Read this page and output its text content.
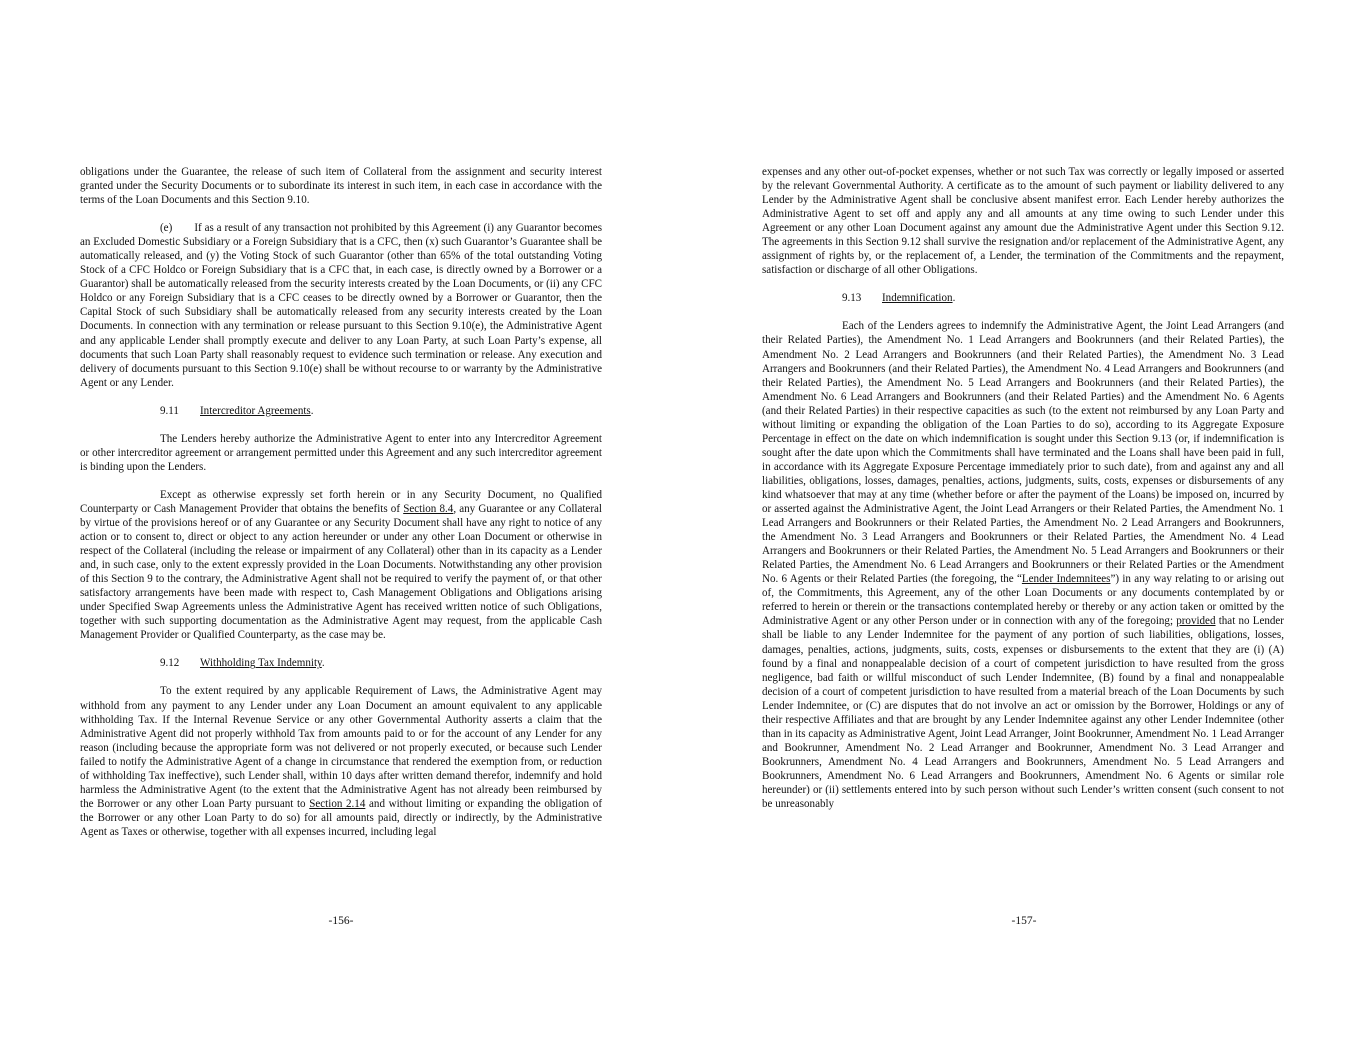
obligations under the Guarantee, the release of such item of Collateral from the assignment and security interest granted under the Security Documents or to subordinate its interest in such item, in each case in accordance with the terms of the Loan Documents and this Section 9.10.

(e)  If as a result of any transaction not prohibited by this Agreement (i) any Guarantor becomes an Excluded Domestic Subsidiary or a Foreign Subsidiary that is a CFC, then (x) such Guarantor’s Guarantee shall be automatically released, and (y) the Voting Stock of such Guarantor (other than 65% of the total outstanding Voting Stock of a CFC Holdco or Foreign Subsidiary that is a CFC that, in each case, is directly owned by a Borrower or a Guarantor) shall be automatically released from the security interests created by the Loan Documents, or (ii) any CFC Holdco or any Foreign Subsidiary that is a CFC ceases to be directly owned by a Borrower or Guarantor, then the Capital Stock of such Subsidiary shall be automatically released from any security interests created by the Loan Documents. In connection with any termination or release pursuant to this Section 9.10(e), the Administrative Agent and any applicable Lender shall promptly execute and deliver to any Loan Party, at such Loan Party’s expense, all documents that such Loan Party shall reasonably request to evidence such termination or release. Any execution and delivery of documents pursuant to this Section 9.10(e) shall be without recourse to or warranty by the Administrative Agent or any Lender.

9.11 Intercreditor Agreements.

The Lenders hereby authorize the Administrative Agent to enter into any Intercreditor Agreement or other intercreditor agreement or arrangement permitted under this Agreement and any such intercreditor agreement is binding upon the Lenders.

Except as otherwise expressly set forth herein or in any Security Document, no Qualified Counterparty or Cash Management Provider that obtains the benefits of Section 8.4, any Guarantee or any Collateral by virtue of the provisions hereof or of any Guarantee or any Security Document shall have any right to notice of any action or to consent to, direct or object to any action hereunder or under any other Loan Document or otherwise in respect of the Collateral (including the release or impairment of any Collateral) other than in its capacity as a Lender and, in such case, only to the extent expressly provided in the Loan Documents. Notwithstanding any other provision of this Section 9 to the contrary, the Administrative Agent shall not be required to verify the payment of, or that other satisfactory arrangements have been made with respect to, Cash Management Obligations and Obligations arising under Specified Swap Agreements unless the Administrative Agent has received written notice of such Obligations, together with such supporting documentation as the Administrative Agent may request, from the applicable Cash Management Provider or Qualified Counterparty, as the case may be.

9.12 Withholding Tax Indemnity.

To the extent required by any applicable Requirement of Laws, the Administrative Agent may withhold from any payment to any Lender under any Loan Document an amount equivalent to any applicable withholding Tax. If the Internal Revenue Service or any other Governmental Authority asserts a claim that the Administrative Agent did not properly withhold Tax from amounts paid to or for the account of any Lender for any reason (including because the appropriate form was not delivered or not properly executed, or because such Lender failed to notify the Administrative Agent of a change in circumstance that rendered the exemption from, or reduction of withholding Tax ineffective), such Lender shall, within 10 days after written demand therefor, indemnify and hold harmless the Administrative Agent (to the extent that the Administrative Agent has not already been reimbursed by the Borrower or any other Loan Party pursuant to Section 2.14 and without limiting or expanding the obligation of the Borrower or any other Loan Party to do so) for all amounts paid, directly or indirectly, by the Administrative Agent as Taxes or otherwise, together with all expenses incurred, including legal

-156-

expenses and any other out-of-pocket expenses, whether or not such Tax was correctly or legally imposed or asserted by the relevant Governmental Authority. A certificate as to the amount of such payment or liability delivered to any Lender by the Administrative Agent shall be conclusive absent manifest error. Each Lender hereby authorizes the Administrative Agent to set off and apply any and all amounts at any time owing to such Lender under this Agreement or any other Loan Document against any amount due the Administrative Agent under this Section 9.12. The agreements in this Section 9.12 shall survive the resignation and/or replacement of the Administrative Agent, any assignment of rights by, or the replacement of, a Lender, the termination of the Commitments and the repayment, satisfaction or discharge of all other Obligations.

9.13 Indemnification.

Each of the Lenders agrees to indemnify the Administrative Agent, the Joint Lead Arrangers (and their Related Parties), the Amendment No. 1 Lead Arrangers and Bookrunners (and their Related Parties), the Amendment No. 2 Lead Arrangers and Bookrunners (and their Related Parties), the Amendment No. 3 Lead Arrangers and Bookrunners (and their Related Parties), the Amendment No. 4 Lead Arrangers and Bookrunners (and their Related Parties), the Amendment No. 5 Lead Arrangers and Bookrunners (and their Related Parties), the Amendment No. 6 Lead Arrangers and Bookrunners (and their Related Parties) and the Amendment No. 6 Agents (and their Related Parties) in their respective capacities as such (to the extent not reimbursed by any Loan Party and without limiting or expanding the obligation of the Loan Parties to do so), according to its Aggregate Exposure Percentage in effect on the date on which indemnification is sought under this Section 9.13 (or, if indemnification is sought after the date upon which the Commitments shall have terminated and the Loans shall have been paid in full, in accordance with its Aggregate Exposure Percentage immediately prior to such date), from and against any and all liabilities, obligations, losses, damages, penalties, actions, judgments, suits, costs, expenses or disbursements of any kind whatsoever that may at any time (whether before or after the payment of the Loans) be imposed on, incurred by or asserted against the Administrative Agent, the Joint Lead Arrangers or their Related Parties, the Amendment No. 1 Lead Arrangers and Bookrunners or their Related Parties, the Amendment No. 2 Lead Arrangers and Bookrunners, the Amendment No. 3 Lead Arrangers and Bookrunners or their Related Parties, the Amendment No. 4 Lead Arrangers and Bookrunners or their Related Parties, the Amendment No. 5 Lead Arrangers and Bookrunners or their Related Parties, the Amendment No. 6 Lead Arrangers and Bookrunners or their Related Parties or the Amendment No. 6 Agents or their Related Parties (the foregoing, the “Lender Indemnitees”) in any way relating to or arising out of, the Commitments, this Agreement, any of the other Loan Documents or any documents contemplated by or referred to herein or therein or the transactions contemplated hereby or thereby or any action taken or omitted by the Administrative Agent or any other Person under or in connection with any of the foregoing; provided that no Lender shall be liable to any Lender Indemnitee for the payment of any portion of such liabilities, obligations, losses, damages, penalties, actions, judgments, suits, costs, expenses or disbursements to the extent that they are (i) (A) found by a final and nonappealable decision of a court of competent jurisdiction to have resulted from the gross negligence, bad faith or willful misconduct of such Lender Indemnitee, (B) found by a final and nonappealable decision of a court of competent jurisdiction to have resulted from a material breach of the Loan Documents by such Lender Indemnitee, or (C) are disputes that do not involve an act or omission by the Borrower, Holdings or any of their respective Affiliates and that are brought by any Lender Indemnitee against any other Lender Indemnitee (other than in its capacity as Administrative Agent, Joint Lead Arranger, Joint Bookrunner, Amendment No. 1 Lead Arranger and Bookrunner, Amendment No. 2 Lead Arranger and Bookrunner, Amendment No. 3 Lead Arranger and Bookrunners, Amendment No. 4 Lead Arrangers and Bookrunners, Amendment No. 5 Lead Arrangers and Bookrunners, Amendment No. 6 Lead Arrangers and Bookrunners, Amendment No. 6 Agents or similar role hereunder) or (ii) settlements entered into by such person without such Lender’s written consent (such consent to not be unreasonably

-157-
